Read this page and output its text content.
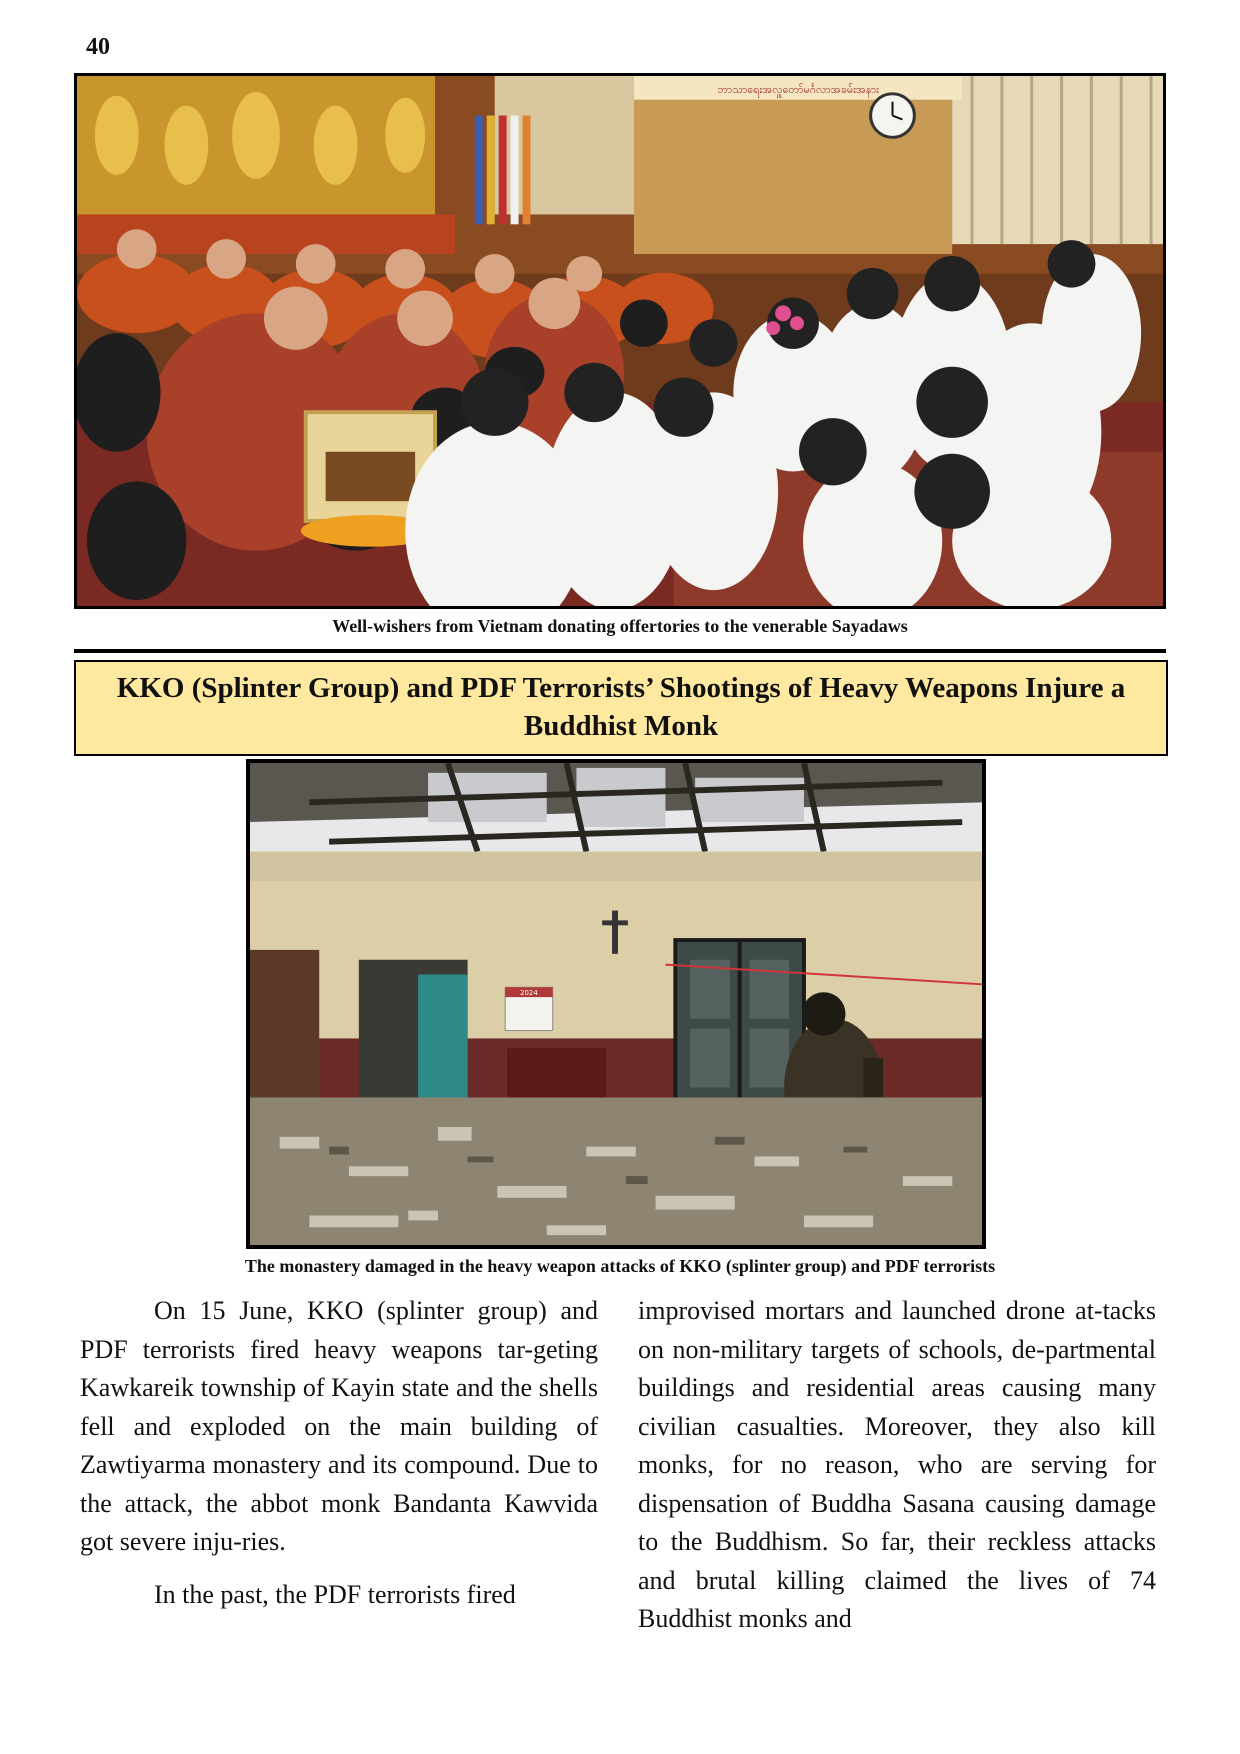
40
ဘာသာရေးအလှူတော်မင်္ဂလာအခမ်းအနား
Well-wishers from Vietnam donating offertories to the venerable Sayadaws
KKO (Splinter Group) and PDF Terrorists’ Shootings of Heavy Weapons Injure a Buddhist Monk
2024
The monastery damaged in the heavy weapon attacks of KKO (splinter group) and PDF terrorists

On 15 June, KKO (splinter group) and PDF terrorists fired heavy weapons tar-geting Kawkareik township of Kayin state and the shells fell and exploded on the main building of Zawtiyarma monastery and its compound. Due to the attack, the abbot monk Bandanta Kawvida got severe inju-ries.

In the past, the PDF terrorists fired

improvised mortars and launched drone at-tacks on non-military targets of schools, de-partmental buildings and residential areas causing many civilian casualties. Moreover, they also kill monks, for no reason, who are serving for dispensation of Buddha Sasana causing damage to the Buddhism. So far, their reckless attacks and brutal killing claimed the lives of 74 Buddhist monks and
